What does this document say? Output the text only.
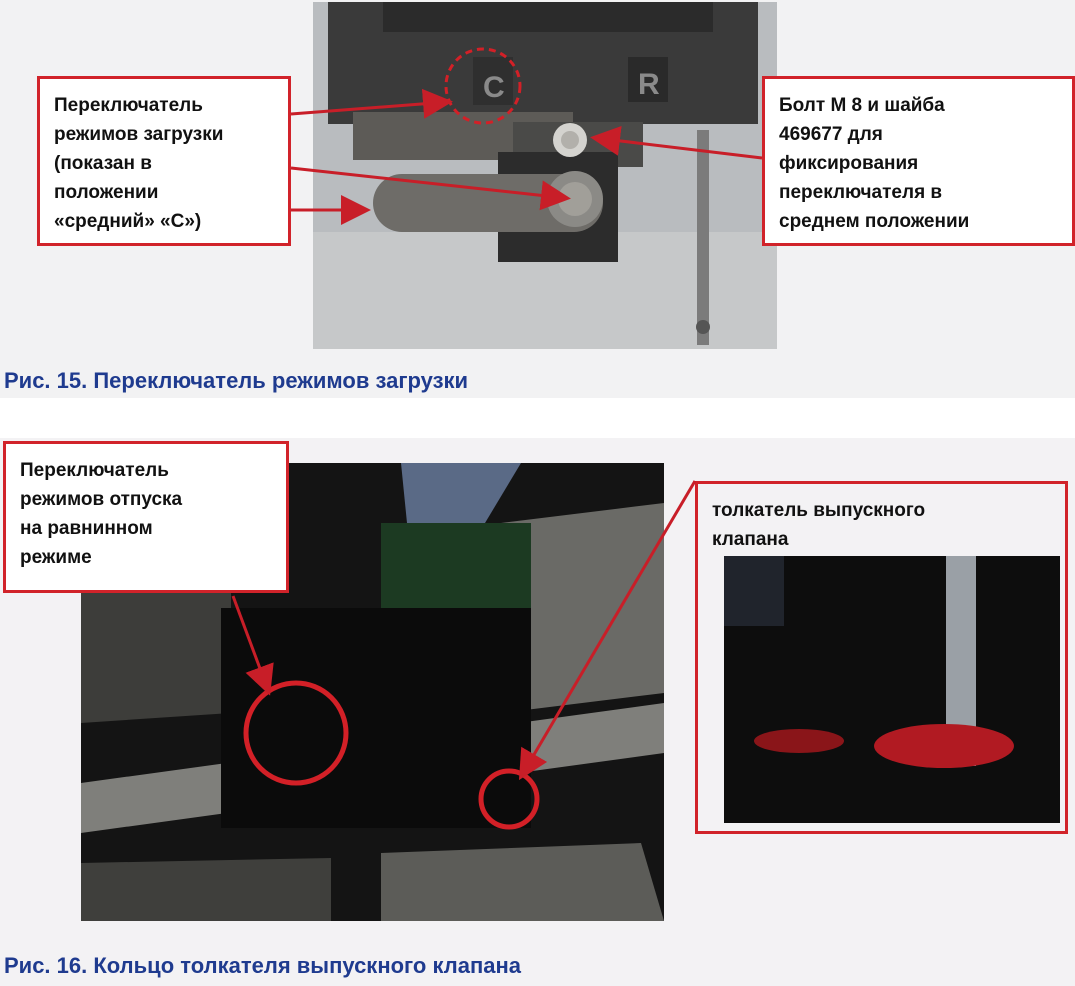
C	R

Переключатель
режимов загрузки
(показан в
положении
«средний» «С»)

Болт М 8 и шайба
469677 для
фиксирования
переключателя в
среднем положении

Рис. 15. Переключатель режимов загрузки

Переключатель
режимов отпуска
на равнинном
режиме

толкатель выпускного
клапана

Рис. 16. Кольцо толкателя выпускного клапана
